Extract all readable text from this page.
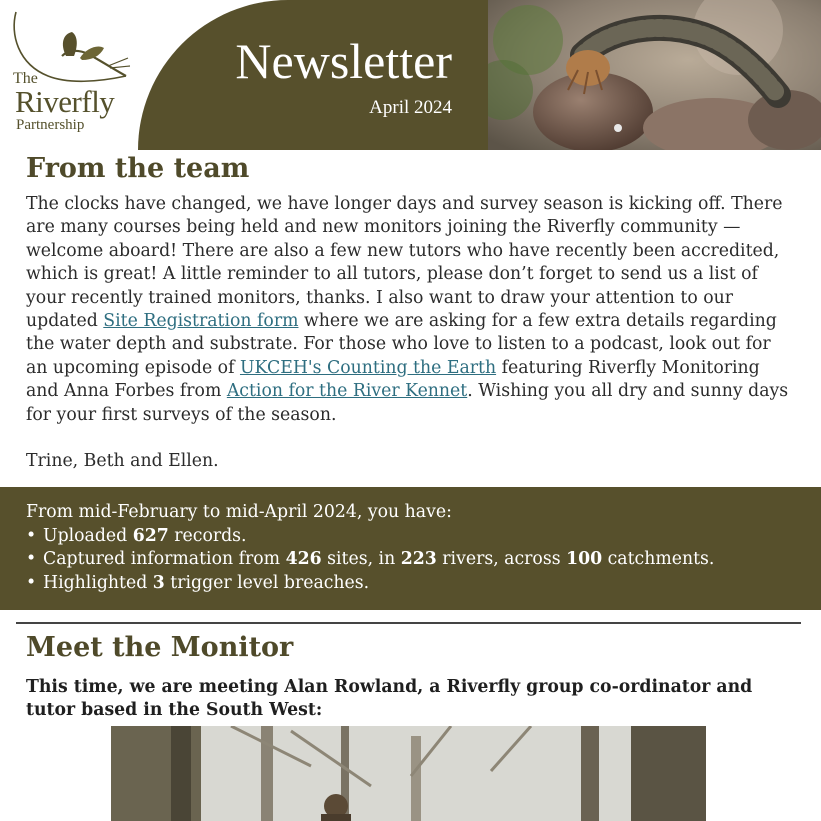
The
Riverfly
Partnership
Newsletter
April 2024
From the team

The clocks have changed, we have longer days and survey season is kicking off. There are many courses being held and new monitors joining the Riverfly community — welcome aboard! There are also a few new tutors who have recently been accredited, which is great! A little reminder to all tutors, please don’t forget to send us a list of your recently trained monitors, thanks. I also want to draw your attention to our updated Site Registration form where we are asking for a few extra details regarding the water depth and substrate. For those who love to listen to a podcast, look out for an upcoming episode of UKCEH's Counting the Earth featuring Riverfly Monitoring and Anna Forbes from Action for the River Kennet. Wishing you all dry and sunny days for your first surveys of the season.

Trine, Beth and Ellen.

From mid-February to mid-April 2024, you have:

• Uploaded 627 records.
• Captured information from 426 sites, in 223 rivers, across 100 catchments.
• Highlighted 3 trigger level breaches.
Meet the Monitor

This time, we are meeting Alan Rowland, a Riverfly group co-ordinator and tutor based in the South West:
